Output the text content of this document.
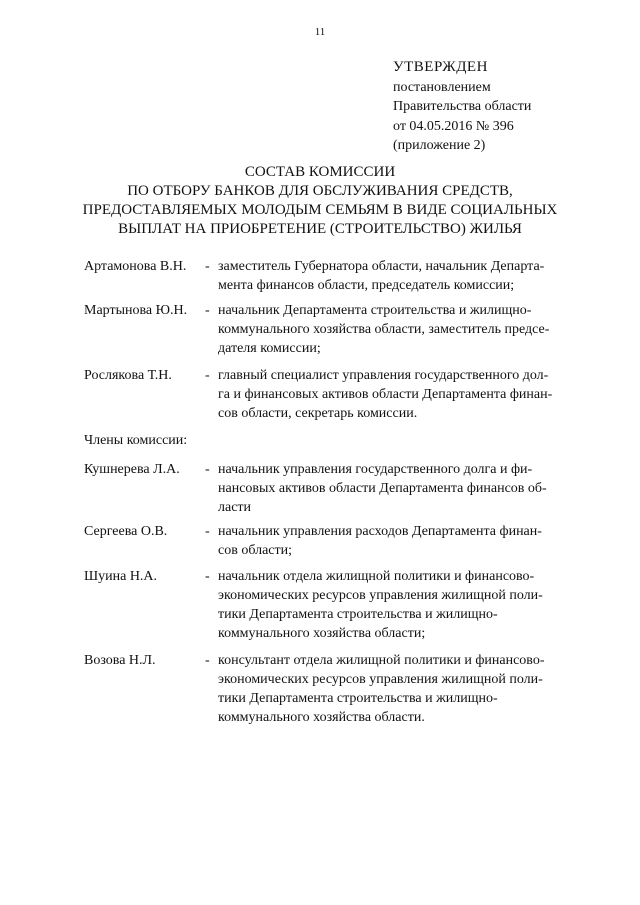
11
УТВЕРЖДЕН
постановлением
Правительства области
от 04.05.2016 № 396
(приложение 2)
СОСТАВ КОМИССИИ
ПО ОТБОРУ БАНКОВ ДЛЯ ОБСЛУЖИВАНИЯ СРЕДСТВ,
ПРЕДОСТАВЛЯЕМЫХ МОЛОДЫМ СЕМЬЯМ В ВИДЕ СОЦИАЛЬНЫХ
ВЫПЛАТ НА ПРИОБРЕТЕНИЕ (СТРОИТЕЛЬСТВО) ЖИЛЬЯ
Артамонова В.Н. - заместитель Губернатора области, начальник Департа-
мента финансов области, председатель комиссии;
Мартынова Ю.Н. - начальник Департамента строительства и жилищно-
коммунального хозяйства области, заместитель предсе-
дателя комиссии;
Рослякова Т.Н. - главный специалист управления государственного дол-
га и финансовых активов области Департамента финан-
сов области, секретарь комиссии.
Члены комиссии:
Кушнерева Л.А. - начальник управления государственного долга и фи-
нансовых активов области Департамента финансов об-
ласти
Сергеева О.В.	- начальник управления расходов Департамента финан-
сов области;
Шуина Н.А.	- начальник отдела жилищной политики и финансово-
экономических ресурсов управления жилищной поли-
тики Департамента строительства и жилищно-
коммунального хозяйства области;
Возова Н.Л.	- консультант отдела жилищной политики и финансово-
экономических ресурсов управления жилищной поли-
тики Департамента строительства и жилищно-
коммунального хозяйства области.
